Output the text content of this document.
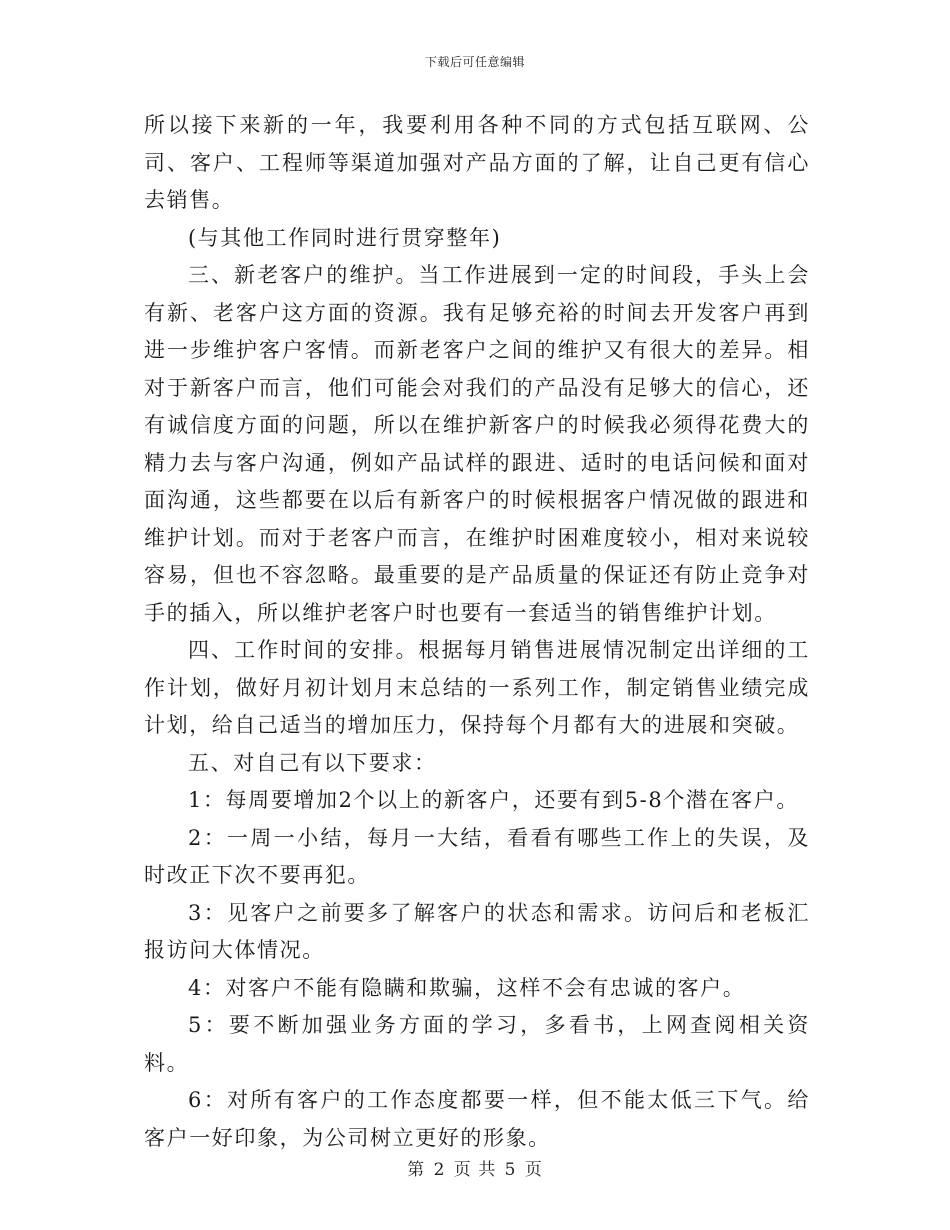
下载后可任意编辑

所以接下来新的一年，我要利用各种不同的方式包括互联网、公司、客户、工程师等渠道加强对产品方面的了解，让自己更有信心去销售。

(与其他工作同时进行贯穿整年)

三、新老客户的维护。当工作进展到一定的时间段，手头上会有新、老客户这方面的资源。我有足够充裕的时间去开发客户再到进一步维护客户客情。而新老客户之间的维护又有很大的差异。相对于新客户而言，他们可能会对我们的产品没有足够大的信心，还有诚信度方面的问题，所以在维护新客户的时候我必须得花费大的精力去与客户沟通，例如产品试样的跟进、适时的电话问候和面对面沟通，这些都要在以后有新客户的时候根据客户情况做的跟进和维护计划。而对于老客户而言，在维护时困难度较小，相对来说较容易，但也不容忽略。最重要的是产品质量的保证还有防止竞争对手的插入，所以维护老客户时也要有一套适当的销售维护计划。

四、工作时间的安排。根据每月销售进展情况制定出详细的工作计划，做好月初计划月末总结的一系列工作，制定销售业绩完成计划，给自己适当的增加压力，保持每个月都有大的进展和突破。

五、对自己有以下要求：

1：每周要增加2个以上的新客户，还要有到5-8个潜在客户。

2：一周一小结，每月一大结，看看有哪些工作上的失误，及时改正下次不要再犯。

3：见客户之前要多了解客户的状态和需求。访问后和老板汇报访问大体情况。

4：对客户不能有隐瞒和欺骗，这样不会有忠诚的客户。

5：要不断加强业务方面的学习，多看书，上网查阅相关资料。

6：对所有客户的工作态度都要一样，但不能太低三下气。给客户一好印象，为公司树立更好的形象。

第 2 页 共 5 页
